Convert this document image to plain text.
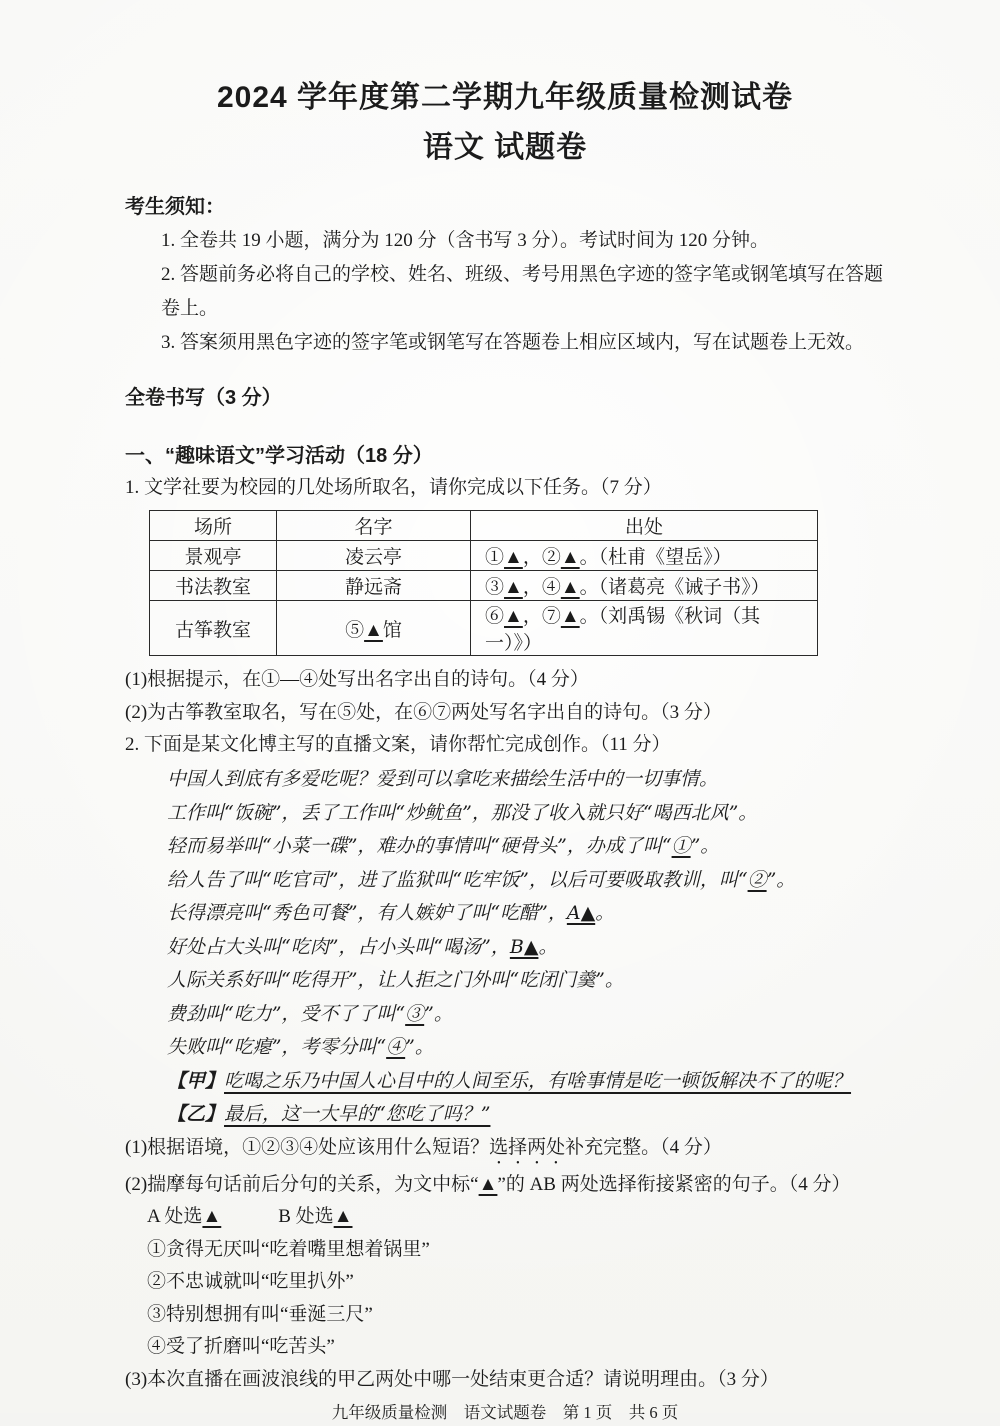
2024 学年度第二学期九年级质量检测试卷
语文 试题卷
考生须知：
1. 全卷共 19 小题，满分为 120 分（含书写 3 分）。考试时间为 120 分钟。
2. 答题前务必将自己的学校、姓名、班级、考号用黑色字迹的签字笔或钢笔填写在答题卷上。
3. 答案须用黑色字迹的签字笔或钢笔写在答题卷上相应区域内，写在试题卷上无效。
全卷书写（3 分）
一、“趣味语文”学习活动（18 分）
1. 文学社要为校园的几处场所取名，请你完成以下任务。（7 分）
场所	名字	出处
景观亭	凌云亭	①▲，②▲。（杜甫《望岳》）
书法教室	静远斋	③▲，④▲。（诸葛亮《诫子书》）
古筝教室	⑤▲馆	⑥▲，⑦▲。（刘禹锡《秋词（其一）》）
(1)根据提示，在①—④处写出名字出自的诗句。（4 分）
(2)为古筝教室取名，写在⑤处，在⑥⑦两处写名字出自的诗句。（3 分）
2. 下面是某文化博主写的直播文案，请你帮忙完成创作。（11 分）
中国人到底有多爱吃呢？爱到可以拿吃来描绘生活中的一切事情。
工作叫“饭碗”，丢了工作叫“炒鱿鱼”，那没了收入就只好“喝西北风”。
轻而易举叫“小菜一碟”，难办的事情叫“硬骨头”，办成了叫“①”。
给人告了叫“吃官司”，进了监狱叫“吃牢饭”，以后可要吸取教训，叫“②”。
长得漂亮叫“秀色可餐”，有人嫉妒了叫“吃醋”，A▲。
好处占大头叫“吃肉”，占小头叫“喝汤”，B▲。
人际关系好叫“吃得开”，让人拒之门外叫“吃闭门羹”。
费劲叫“吃力”，受不了了叫“③”。
失败叫“吃瘪”，考零分叫“④”。
【甲】吃喝之乐乃中国人心目中的人间至乐，有啥事情是吃一顿饭解决不了的呢？
【乙】最后，这一大早的“您吃了吗？”
(1)根据语境，①②③④处应该用什么短语？选择两处补充完整。（4 分）
(2)揣摩每句话前后分句的关系，为文中标“▲”的 AB 两处选择衔接紧密的句子。（4 分）
A 处选▲　　　B 处选▲
①贪得无厌叫“吃着嘴里想着锅里”
②不忠诚就叫“吃里扒外”
③特别想拥有叫“垂涎三尺”
④受了折磨叫“吃苦头”
(3)本次直播在画波浪线的甲乙两处中哪一处结束更合适？请说明理由。（3 分）
九年级质量检测　语文试题卷　第 1 页　共 6 页
